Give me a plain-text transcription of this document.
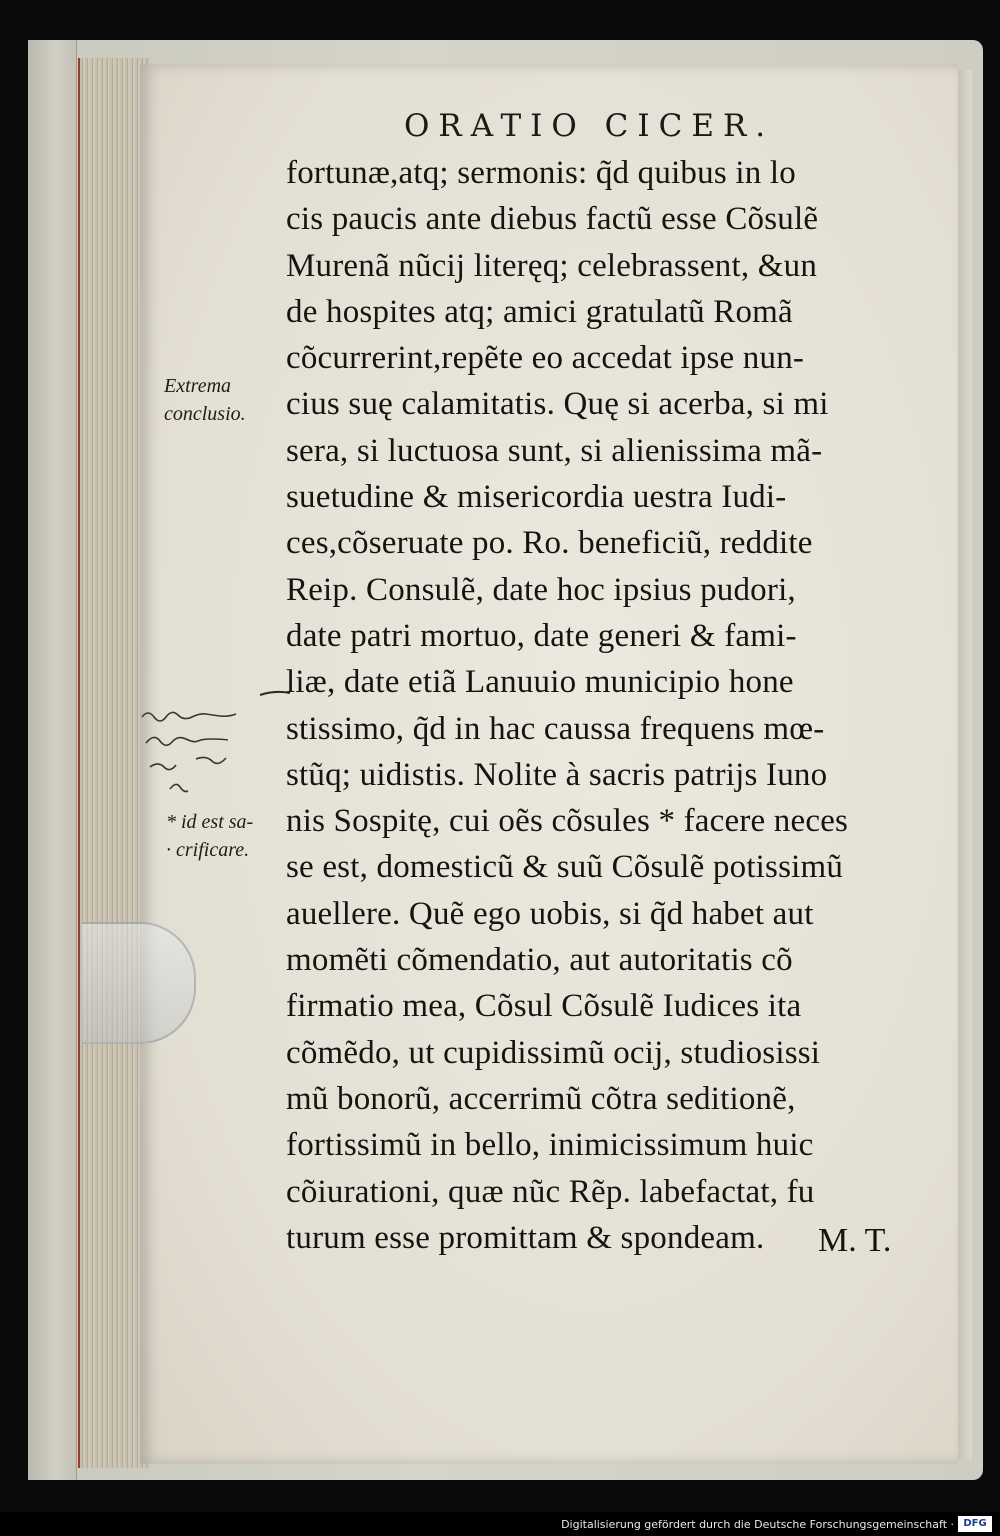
ORATIO CICER.
fortunæ,atq; sermonis: q̃d quibus in lo
cis paucis ante diebus factũ esse Cõsulẽ
Murenã nũcij literęq; celebrassent, &un
de hospites atq; amici gratulatũ Romã
cõcurrerint,repẽte eo accedat ipse nun-
cius suę calamitatis. Quę si acerba, si mi
sera, si luctuosa sunt, si alienissima mã-
suetudine & misericordia uestra Iudi-
ces,cõseruate po. Ro. beneficiũ, reddite
Reip. Consulẽ, date hoc ipsius pudori,
date patri mortuo, date generi & fami-
liæ, date etiã Lanuuio municipio hone
stissimo, q̃d in hac caussa frequens mœ-
stũq; uidistis. Nolite à sacris patrijs Iuno
nis Sospitę, cui oẽs cõsules * facere neces
se est, domesticũ & suũ Cõsulẽ potissimũ
auellere. Quẽ ego uobis, si q̃d habet aut
momẽti cõmendatio, aut autoritatis cõ
firmatio mea, Cõsul Cõsulẽ Iudices ita
cõmẽdo, ut cupidissimũ ocij, studiosissi
mũ bonorũ, accerrimũ cõtra seditionẽ,
fortissimũ in bello, inimicissimum huic
cõiurationi, quæ nũc Rẽp. labefactat, fu
turum esse promittam & spondeam.	M. T.
Extrema
conclusio.
* id est sa-
· crificare.
Digitalisierung gefördert durch die Deutsche Forschungsgemeinschaft · DFG
